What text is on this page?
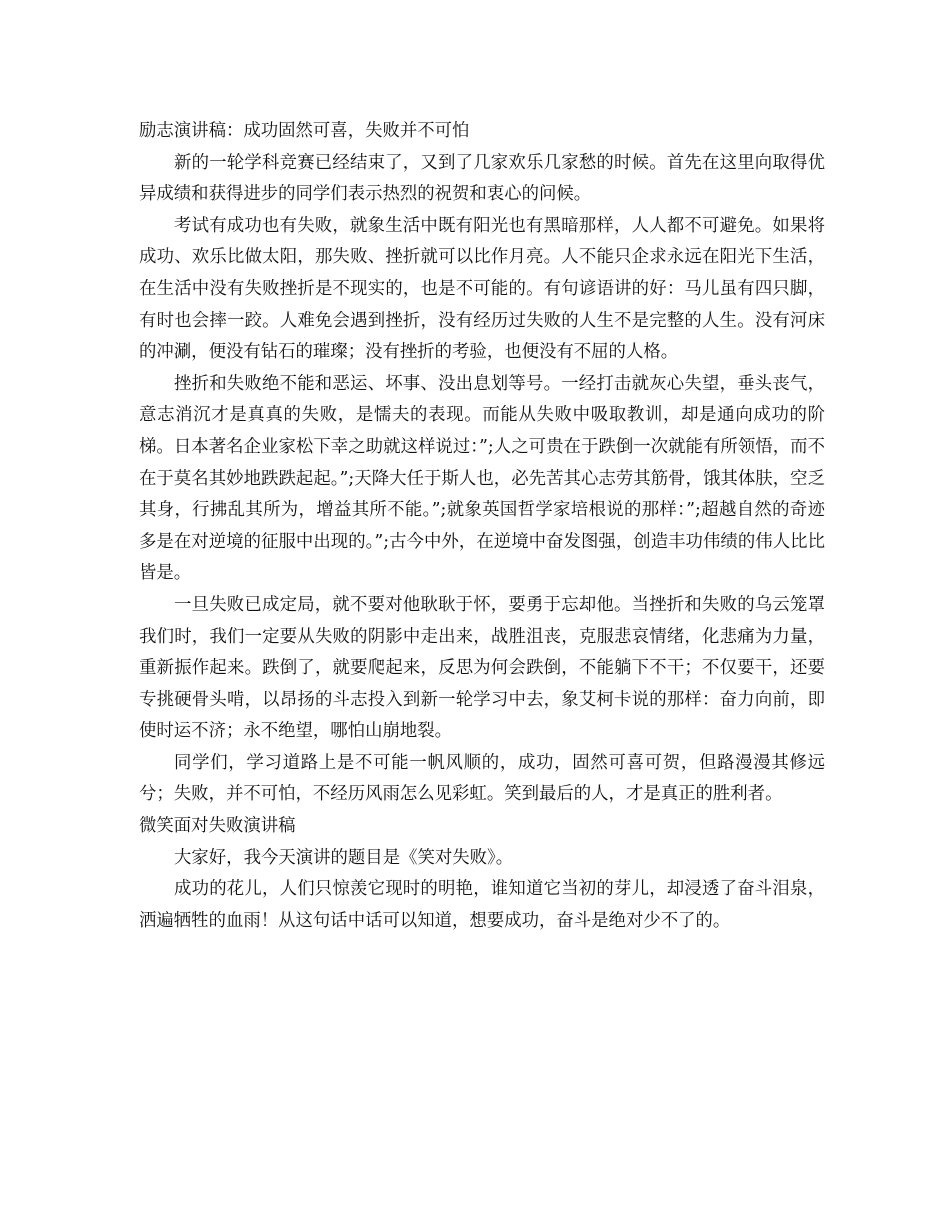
励志演讲稿：成功固然可喜，失败并不可怕
新的一轮学科竞赛已经结束了，又到了几家欢乐几家愁的时候。首先在这里向取得优异成绩和获得进步的同学们表示热烈的祝贺和衷心的问候。
考试有成功也有失败，就象生活中既有阳光也有黑暗那样，人人都不可避免。如果将成功、欢乐比做太阳，那失败、挫折就可以比作月亮。人不能只企求永远在阳光下生活，在生活中没有失败挫折是不现实的，也是不可能的。有句谚语讲的好：马儿虽有四只脚，有时也会摔一跤。人难免会遇到挫折，没有经历过失败的人生不是完整的人生。没有河床的冲涮，便没有钻石的璀璨；没有挫折的考验，也便没有不屈的人格。
挫折和失败绝不能和恶运、坏事、没出息划等号。一经打击就灰心失望，垂头丧气，意志消沉才是真真的失败，是懦夫的表现。而能从失败中吸取教训，却是通向成功的阶梯。日本著名企业家松下幸之助就这样说过：”;人之可贵在于跌倒一次就能有所领悟，而不在于莫名其妙地跌跌起起。”;天降大任于斯人也，必先苦其心志劳其筋骨，饿其体肤，空乏其身，行拂乱其所为，增益其所不能。”;就象英国哲学家培根说的那样：”;超越自然的奇迹多是在对逆境的征服中出现的。”;古今中外，在逆境中奋发图强，创造丰功伟绩的伟人比比皆是。
一旦失败已成定局，就不要对他耿耿于怀，要勇于忘却他。当挫折和失败的乌云笼罩我们时，我们一定要从失败的阴影中走出来，战胜沮丧，克服悲哀情绪，化悲痛为力量，重新振作起来。跌倒了，就要爬起来，反思为何会跌倒，不能躺下不干；不仅要干，还要专挑硬骨头啃，以昂扬的斗志投入到新一轮学习中去，象艾柯卡说的那样：奋力向前，即使时运不济；永不绝望，哪怕山崩地裂。
同学们，学习道路上是不可能一帆风顺的，成功，固然可喜可贺，但路漫漫其修远兮；失败，并不可怕，不经历风雨怎么见彩虹。笑到最后的人，才是真正的胜利者。
微笑面对失败演讲稿
大家好，我今天演讲的题目是《笑对失败》。
成功的花儿，人们只惊羡它现时的明艳，谁知道它当初的芽儿，却浸透了奋斗泪泉，洒遍牺牲的血雨！从这句话中话可以知道，想要成功，奋斗是绝对少不了的。
